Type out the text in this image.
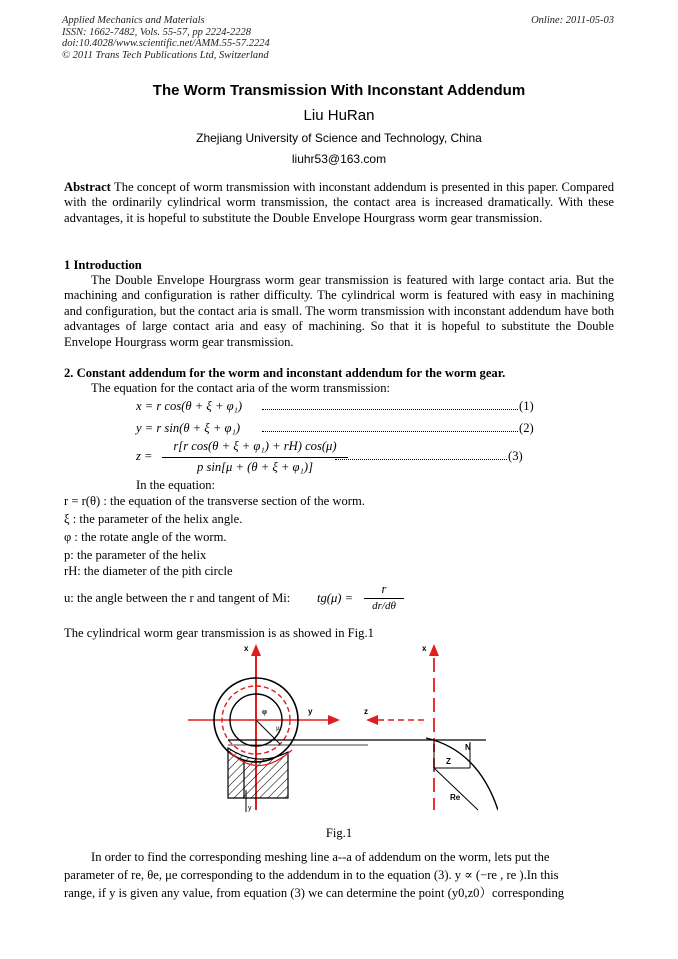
Applied Mechanics and Materials
ISSN: 1662-7482, Vols. 55-57, pp 2224-2228
doi:10.4028/www.scientific.net/AMM.55-57.2224
© 2011 Trans Tech Publications Ltd, Switzerland
Online: 2011-05-03
The Worm Transmission With Inconstant Addendum
Liu HuRan
Zhejiang University of Science and Technology, China
liuhr53@163.com
Abstract The concept of worm transmission with inconstant addendum is presented in this paper. Compared with the ordinarily cylindrical worm transmission, the contact area is increased dramatically. With these advantages, it is hopeful to substitute the Double Envelope Hourgrass worm gear transmission.
1 Introduction
The Double Envelope Hourgrass worm gear transmission is featured with large contact aria. But the machining and configuration is rather difficulty. The cylindrical worm is featured with easy in machining and configuration, but the contact aria is small. The worm transmission with inconstant addendum have both advantages of large contact aria and easy of machining. So that it is hopeful to substitute the Double Envelope Hourgrass worm gear transmission.
2. Constant addendum for the worm and inconstant addendum for the worm gear.
The equation for the contact aria of the worm transmission:
x = r cos(θ + ξ + φ₁)	(1)
y = r sin(θ + ξ + φ₁)	(2)
z =
r[r cos(θ + ξ + φ₁) + rH) cos(μ)
p sin[μ + (θ + ξ + φ₁)]
(3)
In the equation:
r = r(θ) : the equation of the transverse section of the worm.
ξ : the parameter of the helix angle.
φ : the rotate angle of the worm.
p: the parameter of the helix
rH: the diameter of the pith circle
u: the angle between the r and tangent of Mi: tg(μ) =
r
dr/dθ
The cylindrical worm gear transmission is as showed in Fig.1
x
y
φ
μ
y
z
x
Z
N
Re
Fig.1
In order to find the corresponding meshing line a--a of addendum on the worm, lets put the
parameter of re, θe, μe corresponding to the addendum in to the equation (3). y ∝ (−re , re ).In this
range, if y is given any value, from equation (3) we can determine the point (y0,z0）corresponding
